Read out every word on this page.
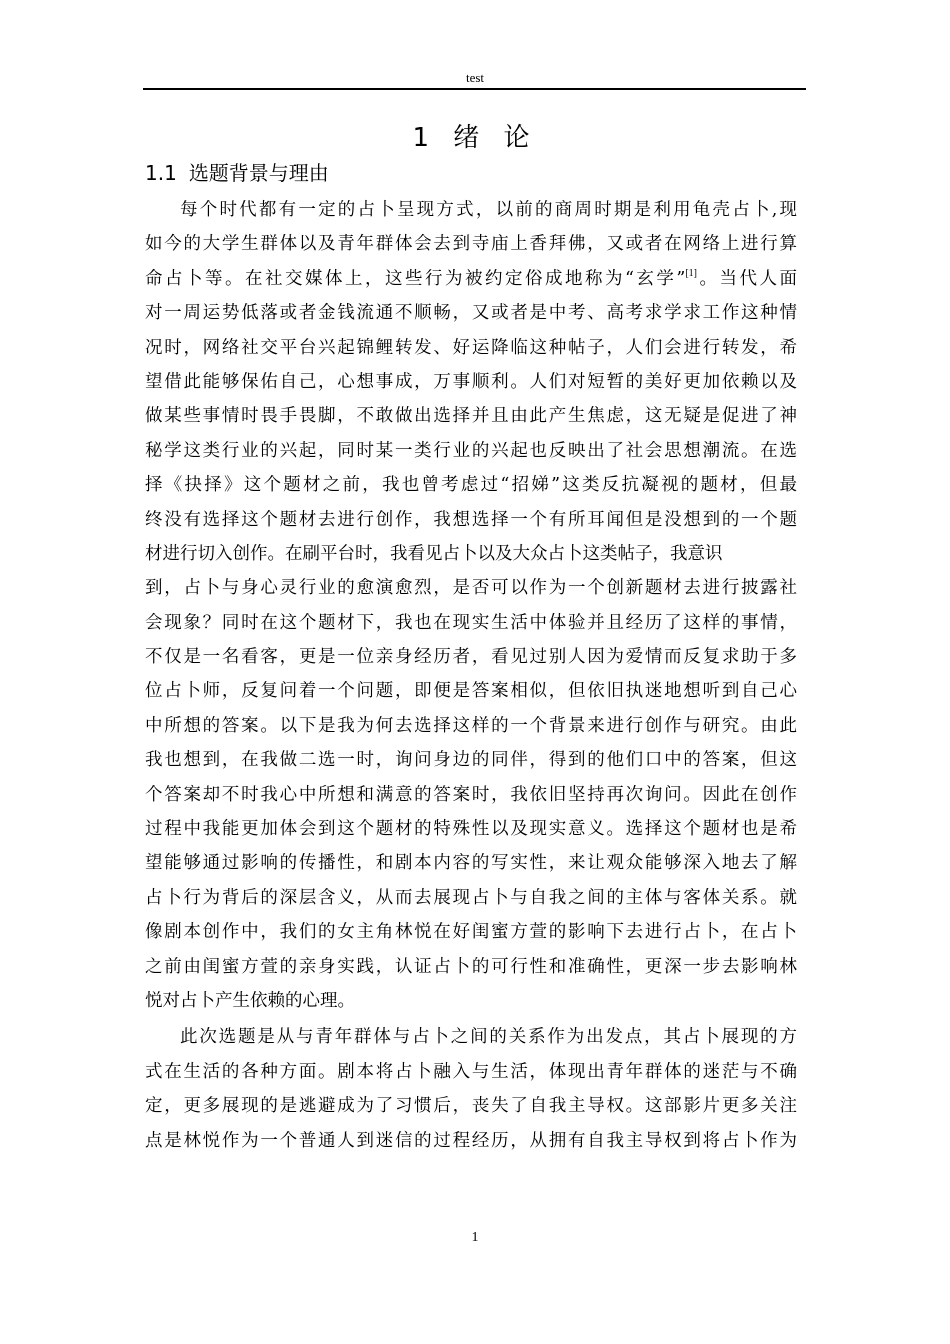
test
1 绪 论
1.1 选题背景与理由
每个时代都有一定的占卜呈现方式，以前的商周时期是利用龟壳占卜,现
如今的大学生群体以及青年群体会去到寺庙上香拜佛，又或者在网络上进行算
命占卜等。在社交媒体上，这些行为被约定俗成地称为“玄学”[1]。当代人面
对一周运势低落或者金钱流通不顺畅，又或者是中考、高考求学求工作这种情
况时，网络社交平台兴起锦鲤转发、好运降临这种帖子，人们会进行转发，希
望借此能够保佑自己，心想事成，万事顺利。人们对短暂的美好更加依赖以及
做某些事情时畏手畏脚，不敢做出选择并且由此产生焦虑，这无疑是促进了神
秘学这类行业的兴起，同时某一类行业的兴起也反映出了社会思想潮流。在选
择《抉择》这个题材之前，我也曾考虑过“招娣”这类反抗凝视的题材，但最
终没有选择这个题材去进行创作，我想选择一个有所耳闻但是没想到的一个题
材进行切入创作。在刷平台时，我看见占卜以及大众占卜这类帖子，我意识
到，占卜与身心灵行业的愈演愈烈，是否可以作为一个创新题材去进行披露社
会现象？同时在这个题材下，我也在现实生活中体验并且经历了这样的事情，
不仅是一名看客，更是一位亲身经历者，看见过别人因为爱情而反复求助于多
位占卜师，反复问着一个问题，即便是答案相似，但依旧执迷地想听到自己心
中所想的答案。以下是我为何去选择这样的一个背景来进行创作与研究。由此
我也想到，在我做二选一时，询问身边的同伴，得到的他们口中的答案，但这
个答案却不时我心中所想和满意的答案时，我依旧坚持再次询问。因此在创作
过程中我能更加体会到这个题材的特殊性以及现实意义。选择这个题材也是希
望能够通过影响的传播性，和剧本内容的写实性，来让观众能够深入地去了解
占卜行为背后的深层含义，从而去展现占卜与自我之间的主体与客体关系。就
像剧本创作中，我们的女主角林悦在好闺蜜方萱的影响下去进行占卜，在占卜
之前由闺蜜方萱的亲身实践，认证占卜的可行性和准确性，更深一步去影响林
悦对占卜产生依赖的心理。
此次选题是从与青年群体与占卜之间的关系作为出发点，其占卜展现的方
式在生活的各种方面。剧本将占卜融入与生活，体现出青年群体的迷茫与不确
定，更多展现的是逃避成为了习惯后，丧失了自我主导权。这部影片更多关注
点是林悦作为一个普通人到迷信的过程经历，从拥有自我主导权到将占卜作为
1
